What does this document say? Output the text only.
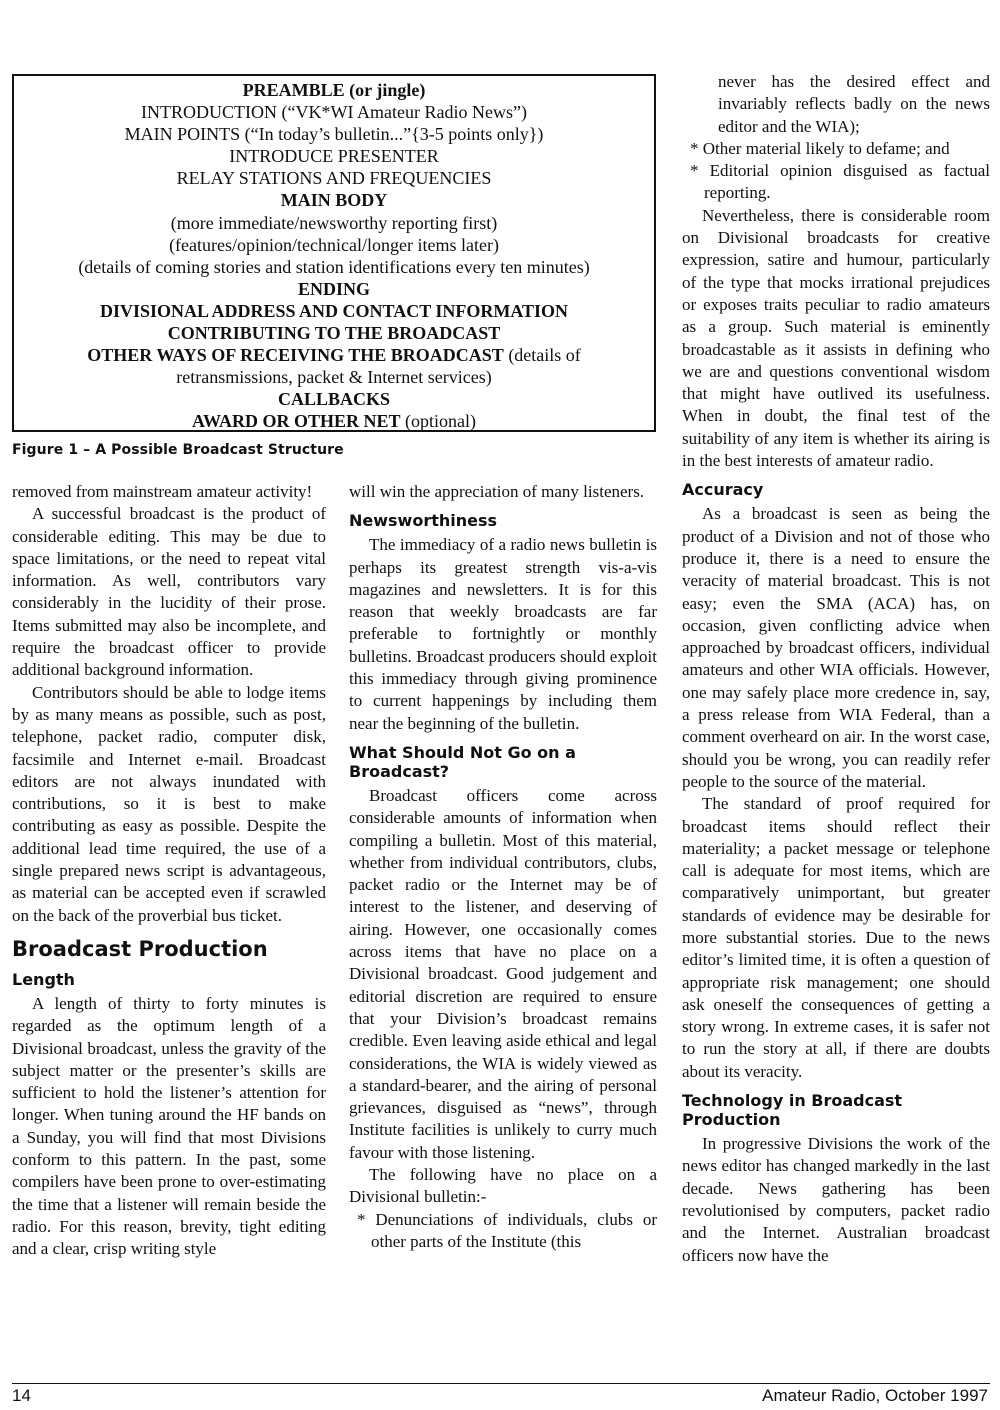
PREAMBLE (or jingle)

INTRODUCTION (“VK*WI Amateur Radio News”)

MAIN POINTS (“In today’s bulletin...”{3-5 points only})

INTRODUCE PRESENTER

RELAY STATIONS AND FREQUENCIES

MAIN BODY

(more immediate/newsworthy reporting first)

(features/opinion/technical/longer items later)

(details of coming stories and station identifications every ten minutes)

ENDING

DIVISIONAL ADDRESS AND CONTACT INFORMATION

CONTRIBUTING TO THE BROADCAST

OTHER WAYS OF RECEIVING THE BROADCAST (details of

retransmissions, packet & Internet services)

CALLBACKS

AWARD OR OTHER NET (optional)

Figure 1 – A Possible Broadcast Structure

removed from mainstream amateur activity!

A successful broadcast is the product of considerable editing. This may be due to space limitations, or the need to repeat vital information. As well, contributors vary considerably in the lucidity of their prose. Items submitted may also be incomplete, and require the broadcast officer to provide additional background information.

Contributors should be able to lodge items by as many means as possible, such as post, telephone, packet radio, computer disk, facsimile and Internet e-mail. Broadcast editors are not always inundated with contributions, so it is best to make contributing as easy as possible. Despite the additional lead time required, the use of a single prepared news script is advantageous, as material can be accepted even if scrawled on the back of the proverbial bus ticket.

Broadcast Production
Length

A length of thirty to forty minutes is regarded as the optimum length of a Divisional broadcast, unless the gravity of the subject matter or the presenter’s skills are sufficient to hold the listener’s attention for longer. When tuning around the HF bands on a Sunday, you will find that most Divisions conform to this pattern. In the past, some compilers have been prone to over-estimating the time that a listener will remain beside the radio. For this reason, brevity, tight editing and a clear, crisp writing style

will win the appreciation of many listeners.

Newsworthiness

The immediacy of a radio news bulletin is perhaps its greatest strength vis-a-vis magazines and newsletters. It is for this reason that weekly broadcasts are far preferable to fortnightly or monthly bulletins. Broadcast producers should exploit this immediacy through giving prominence to current happenings by including them near the beginning of the bulletin.

What Should Not Go on a Broadcast?

Broadcast officers come across considerable amounts of information when compiling a bulletin. Most of this material, whether from individual contributors, clubs, packet radio or the Internet may be of interest to the listener, and deserving of airing. However, one occasionally comes across items that have no place on a Divisional broadcast. Good judgement and editorial discretion are required to ensure that your Division’s broadcast remains credible. Even leaving aside ethical and legal considerations, the WIA is widely viewed as a standard-bearer, and the airing of personal grievances, disguised as “news”, through Institute facilities is unlikely to curry much favour with those listening.

The following have no place on a Divisional bulletin:-

* Denunciations of individuals, clubs or other parts of the Institute (this

never has the desired effect and invariably reflects badly on the news editor and the WIA);

* Other material likely to defame; and

* Editorial opinion disguised as factual reporting.

Nevertheless, there is considerable room on Divisional broadcasts for creative expression, satire and humour, particularly of the type that mocks irrational prejudices or exposes traits peculiar to radio amateurs as a group. Such material is eminently broadcastable as it assists in defining who we are and questions conventional wisdom that might have outlived its usefulness. When in doubt, the final test of the suitability of any item is whether its airing is in the best interests of amateur radio.

Accuracy

As a broadcast is seen as being the product of a Division and not of those who produce it, there is a need to ensure the veracity of material broadcast. This is not easy; even the SMA (ACA) has, on occasion, given conflicting advice when approached by broadcast officers, individual amateurs and other WIA officials. However, one may safely place more credence in, say, a press release from WIA Federal, than a comment overheard on air. In the worst case, should you be wrong, you can readily refer people to the source of the material.

The standard of proof required for broadcast items should reflect their materiality; a packet message or telephone call is adequate for most items, which are comparatively unimportant, but greater standards of evidence may be desirable for more substantial stories. Due to the news editor’s limited time, it is often a question of appropriate risk management; one should ask oneself the consequences of getting a story wrong. In extreme cases, it is safer not to run the story at all, if there are doubts about its veracity.

Technology in Broadcast Production

In progressive Divisions the work of the news editor has changed markedly in the last decade. News gathering has been revolutionised by computers, packet radio and the Internet. Australian broadcast officers now have the

14	Amateur Radio, October 1997
